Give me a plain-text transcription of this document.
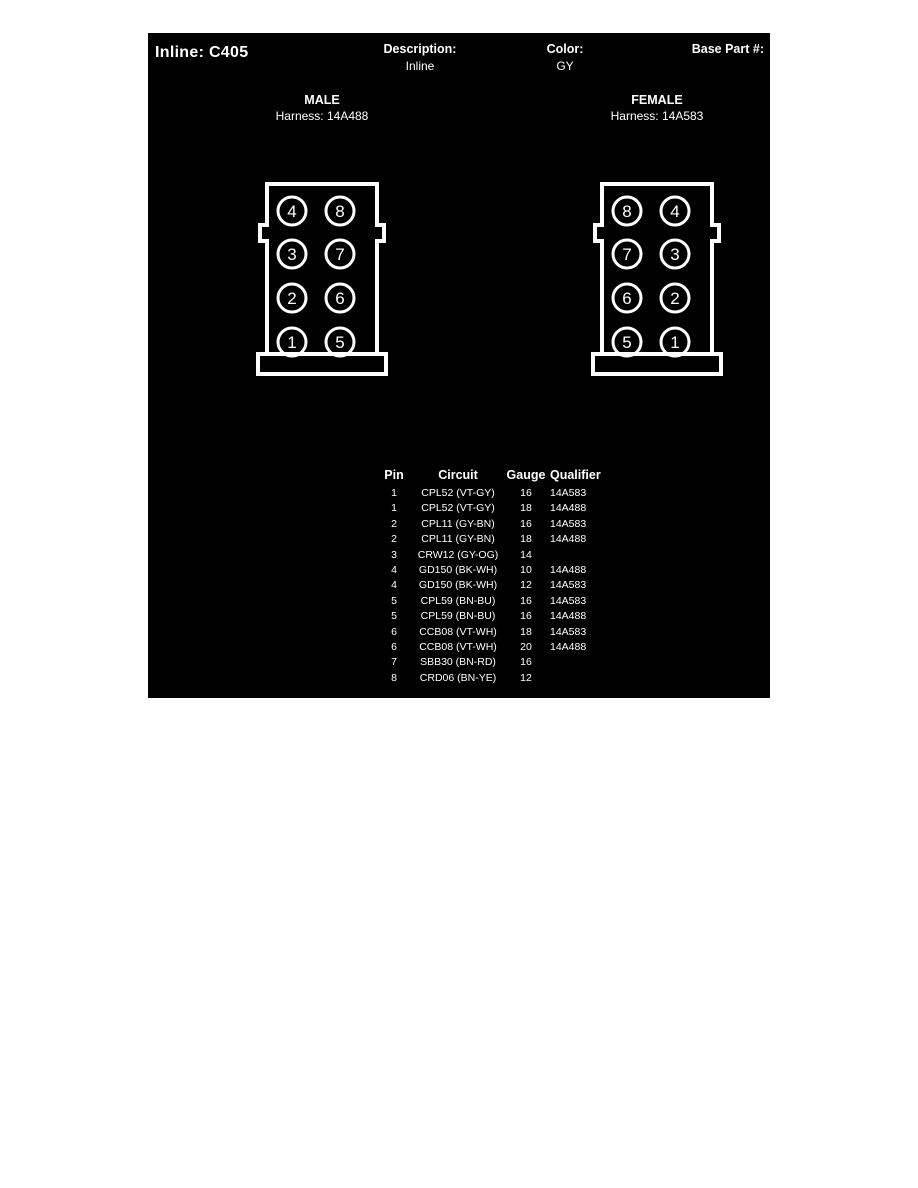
Inline: C405	Description:
Inline
Color:
GY
Base Part #:
MALE
Harness: 14A488
FEMALE
Harness: 14A583
4
3
2
1
8
7
6
5
8
7
6
5
4
3
2
1
Pin	Circuit	Gauge Qualifier
1	CPL52 (VT-GY)	16	14A583
1	CPL52 (VT-GY)	18	14A488
2	CPL11 (GY-BN)	16	14A583
2	CPL11 (GY-BN)	18	14A488
3	CRW12 (GY-OG)	14
4	GD150 (BK-WH)	10	14A488
4	GD150 (BK-WH)	12	14A583
5	CPL59 (BN-BU)	16	14A583
5	CPL59 (BN-BU)	16	14A488
6	CCB08 (VT-WH)	18	14A583
6	CCB08 (VT-WH)	20	14A488
7	SBB30 (BN-RD)	16
8	CRD06 (BN-YE)	12
